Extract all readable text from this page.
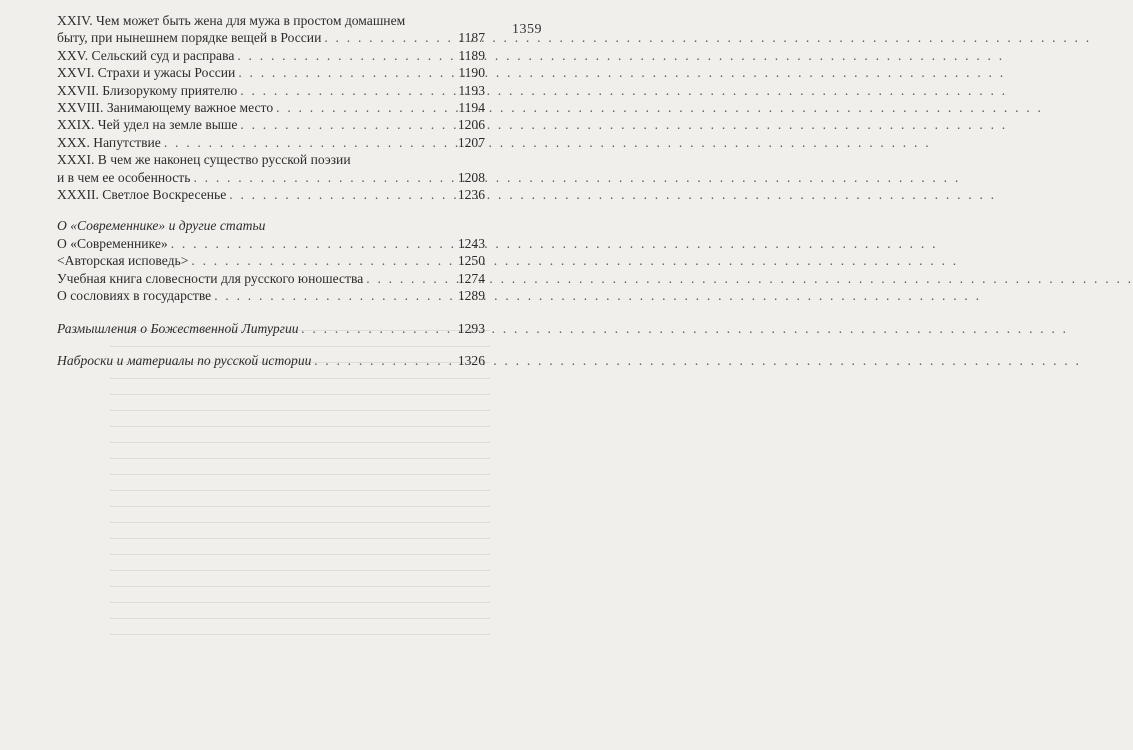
1359
XXIV. Чем может быть жена для мужа в простом домашнем
быту, при нынешнем порядке вещей в России . . .	1187
XXV. Сельский суд и расправа . . .	1189
XXVI. Страхи и ужасы России . . .	1190
XXVII. Близорукому приятелю . . .	1193
XXVIII. Занимающему важное место . . .	1194
XXIX. Чей удел на земле выше . . .	1206
XXX. Напутствие . . .	1207
XXXI. В чем же наконец существо русской поэзии
и в чем ее особенность . . .	1208
XXXII. Светлое Воскресенье . . .	1236
О «Современнике» и другие статьи
О «Современнике» . . .	1243
<Авторская исповедь> . . .	1250
Учебная книга словесности для русского юношества . . .	1274
О сословиях в государстве . . .	1289
Размышления о Божественной Литургии . . .	1293
Наброски и материалы по русской истории . . .	1326
